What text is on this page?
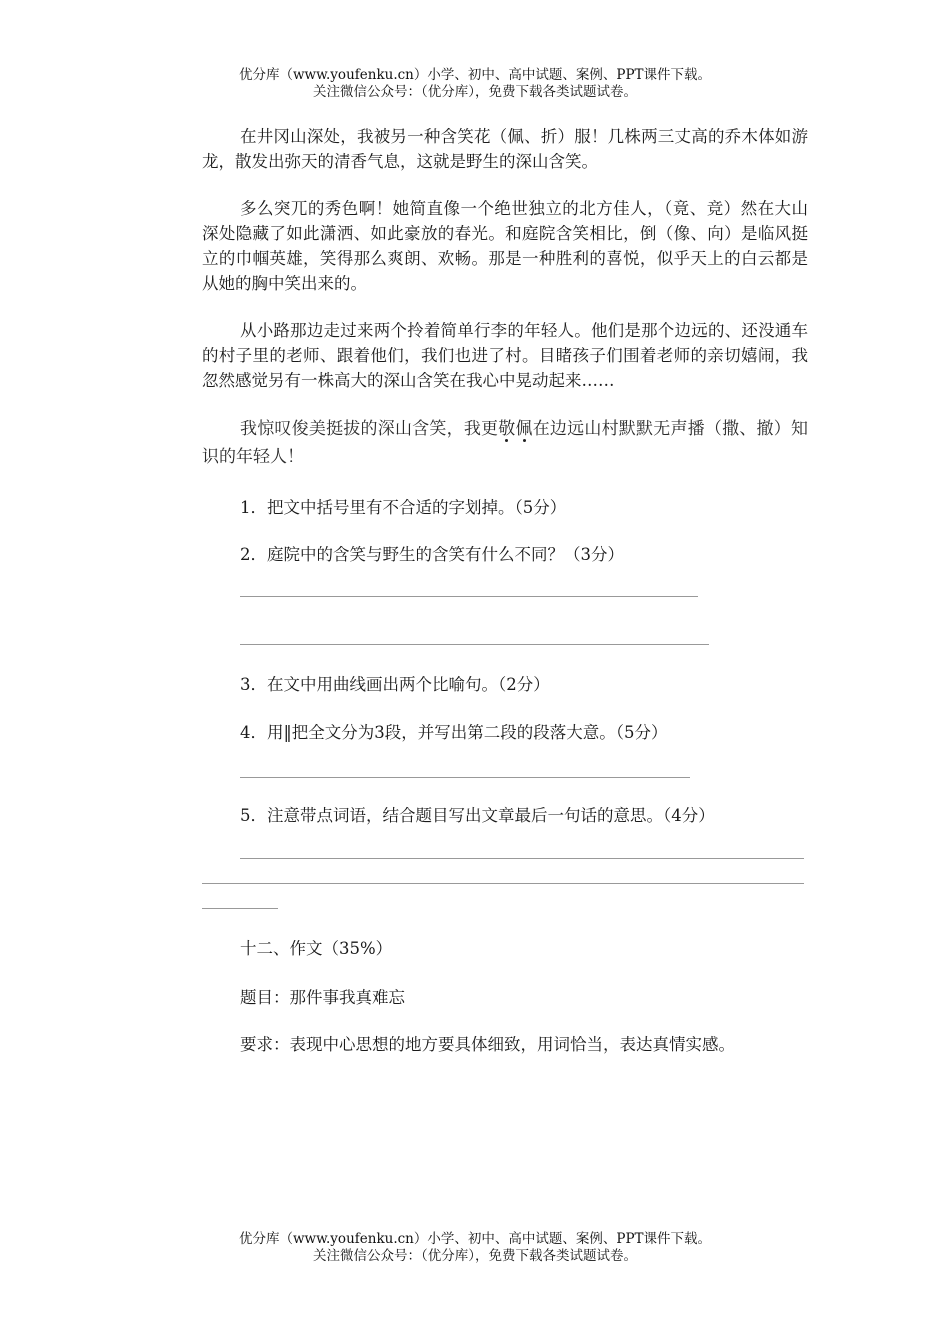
优分库（www.youfenku.cn）小学、初中、高中试题、案例、PPT课件下载。
关注微信公众号：（优分库），免费下载各类试题试卷。

在井冈山深处，我被另一种含笑花（佩、折）服！几株两三丈高的乔木体如游龙，散发出弥天的清香气息，这就是野生的深山含笑。

多么突兀的秀色啊！她简直像一个绝世独立的北方佳人，（竟、竞）然在大山深处隐藏了如此潇洒、如此豪放的春光。和庭院含笑相比，倒（像、向）是临风挺立的巾帼英雄，笑得那么爽朗、欢畅。那是一种胜利的喜悦，似乎天上的白云都是从她的胸中笑出来的。

从小路那边走过来两个拎着简单行李的年轻人。他们是那个边远的、还没通车的村子里的老师、跟着他们，我们也进了村。目睹孩子们围着老师的亲切嬉闹，我忽然感觉另有一株高大的深山含笑在我心中晃动起来……

我惊叹俊美挺拔的深山含笑，我更敬佩在边远山村默默无声播（撒、撤）知识的年轻人！

1．把文中括号里有不合适的字划掉。（5分）

2．庭院中的含笑与野生的含笑有什么不同？（3分）

3．在文中用曲线画出两个比喻句。（2分）

4．用‖把全文分为3段，并写出第二段的段落大意。（5分）

5．注意带点词语，结合题目写出文章最后一句话的意思。（4分）

十二、作文（35%）

题目：那件事我真难忘

要求：表现中心思想的地方要具体细致，用词恰当，表达真情实感。

优分库（www.youfenku.cn）小学、初中、高中试题、案例、PPT课件下载。
关注微信公众号：（优分库），免费下载各类试题试卷。
